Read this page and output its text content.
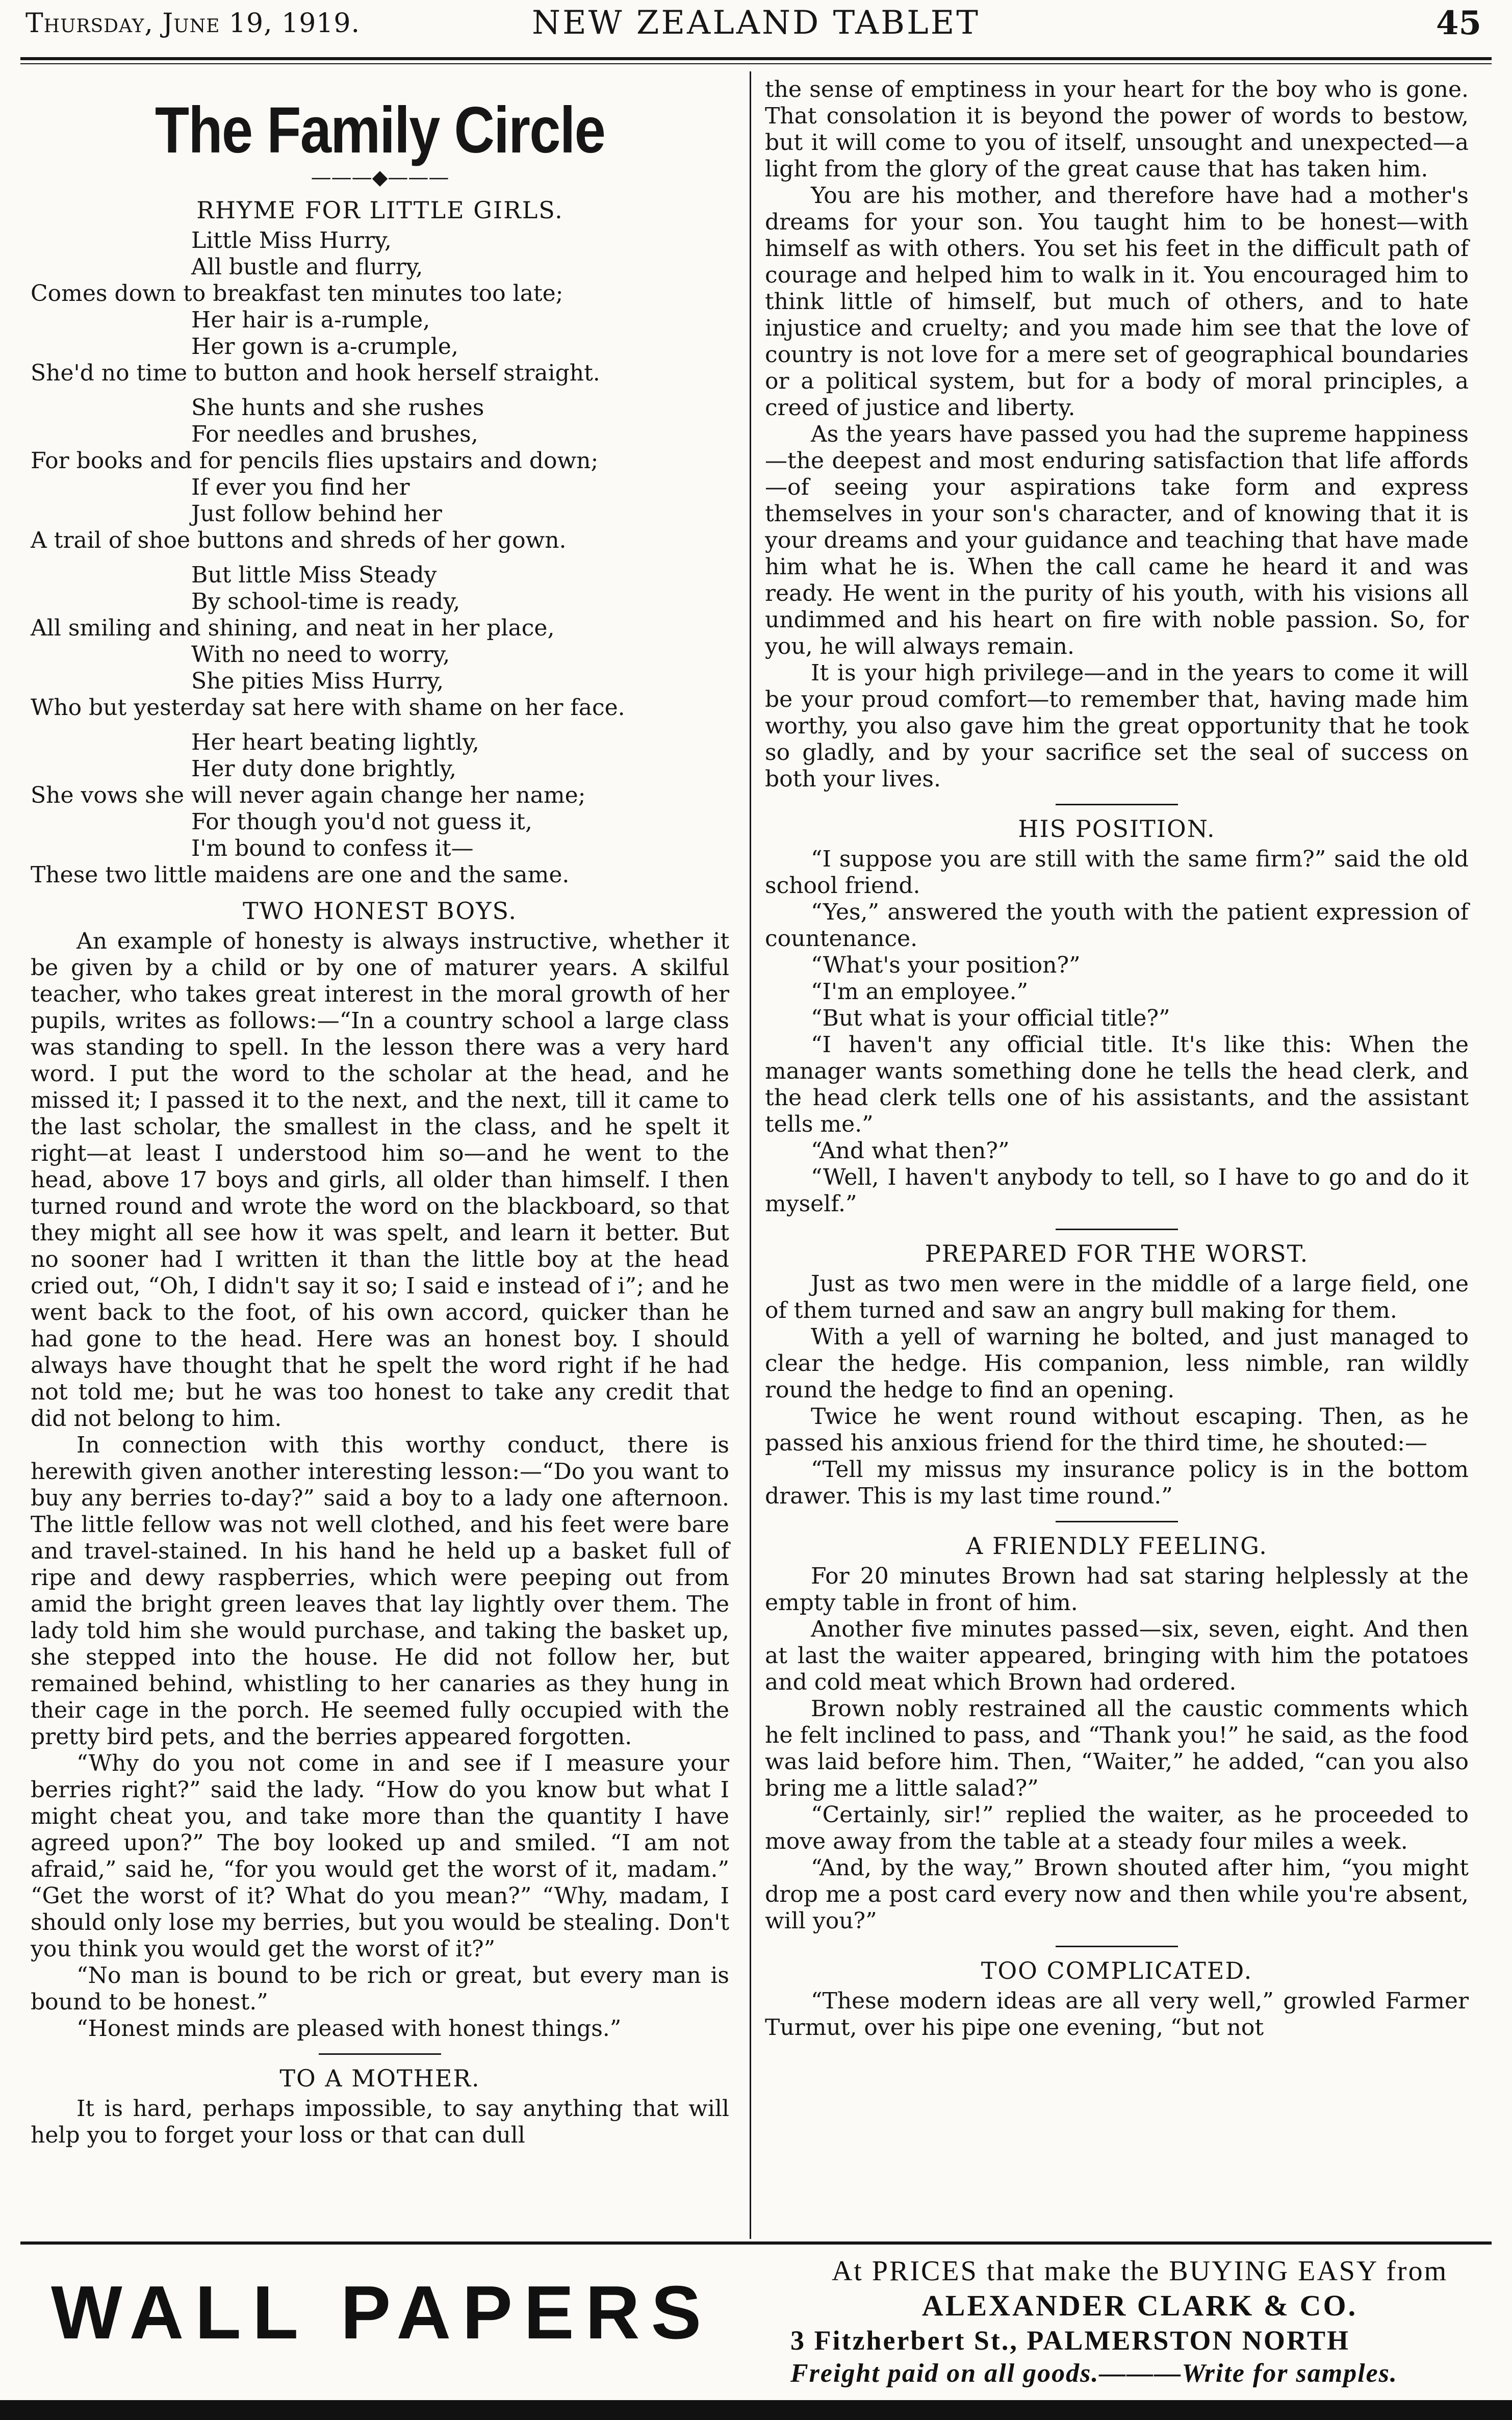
Thursday, June 19, 1919.	NEW ZEALAND TABLET	45
The Family Circle
———◆———
RHYME FOR LITTLE GIRLS.
Little Miss Hurry,
All bustle and flurry,
Comes down to breakfast ten minutes too late;
Her hair is a-rumple,
Her gown is a-crumple,
She'd no time to button and hook herself straight.
She hunts and she rushes
For needles and brushes,
For books and for pencils flies upstairs and down;
If ever you find her
Just follow behind her
A trail of shoe buttons and shreds of her gown.
But little Miss Steady
By school-time is ready,
All smiling and shining, and neat in her place,
With no need to worry,
She pities Miss Hurry,
Who but yesterday sat here with shame on her face.
Her heart beating lightly,
Her duty done brightly,
She vows she will never again change her name;
For though you'd not guess it,
I'm bound to confess it—
These two little maidens are one and the same.
TWO HONEST BOYS.

An example of honesty is always instructive, whether it be given by a child or by one of maturer years. A skilful teacher, who takes great interest in the moral growth of her pupils, writes as follows:—“In a country school a large class was standing to spell. In the lesson there was a very hard word. I put the word to the scholar at the head, and he missed it; I passed it to the next, and the next, till it came to the last scholar, the smallest in the class, and he spelt it right—at least I understood him so—and he went to the head, above 17 boys and girls, all older than himself. I then turned round and wrote the word on the blackboard, so that they might all see how it was spelt, and learn it better. But no sooner had I written it than the little boy at the head cried out, “Oh, I didn't say it so; I said e instead of i”; and he went back to the foot, of his own accord, quicker than he had gone to the head. Here was an honest boy. I should always have thought that he spelt the word right if he had not told me; but he was too honest to take any credit that did not belong to him.

In connection with this worthy conduct, there is herewith given another interesting lesson:—“Do you want to buy any berries to-day?” said a boy to a lady one afternoon. The little fellow was not well clothed, and his feet were bare and travel-stained. In his hand he held up a basket full of ripe and dewy raspberries, which were peeping out from amid the bright green leaves that lay lightly over them. The lady told him she would purchase, and taking the basket up, she stepped into the house. He did not follow her, but remained behind, whistling to her canaries as they hung in their cage in the porch. He seemed fully occupied with the pretty bird pets, and the berries appeared forgotten.

“Why do you not come in and see if I measure your berries right?” said the lady. “How do you know but what I might cheat you, and take more than the quantity I have agreed upon?” The boy looked up and smiled. “I am not afraid,” said he, “for you would get the worst of it, madam.” “Get the worst of it? What do you mean?” “Why, madam, I should only lose my berries, but you would be stealing. Don't you think you would get the worst of it?”

“No man is bound to be rich or great, but every man is bound to be honest.”

“Honest minds are pleased with honest things.”

TO A MOTHER.

It is hard, perhaps impossible, to say anything that will help you to forget your loss or that can dull

the sense of emptiness in your heart for the boy who is gone. That consolation it is beyond the power of words to bestow, but it will come to you of itself, unsought and unexpected—a light from the glory of the great cause that has taken him.

You are his mother, and therefore have had a mother's dreams for your son. You taught him to be honest—with himself as with others. You set his feet in the difficult path of courage and helped him to walk in it. You encouraged him to think little of himself, but much of others, and to hate injustice and cruelty; and you made him see that the love of country is not love for a mere set of geographical boundaries or a political system, but for a body of moral principles, a creed of justice and liberty.

As the years have passed you had the supreme happiness—the deepest and most enduring satisfaction that life affords—of seeing your aspirations take form and express themselves in your son's character, and of knowing that it is your dreams and your guidance and teaching that have made him what he is. When the call came he heard it and was ready. He went in the purity of his youth, with his visions all undimmed and his heart on fire with noble passion. So, for you, he will always remain.

It is your high privilege—and in the years to come it will be your proud comfort—to remember that, having made him worthy, you also gave him the great opportunity that he took so gladly, and by your sacrifice set the seal of success on both your lives.

HIS POSITION.

“I suppose you are still with the same firm?” said the old school friend.

“Yes,” answered the youth with the patient expression of countenance.

“What's your position?”

“I'm an employee.”

“But what is your official title?”

“I haven't any official title. It's like this: When the manager wants something done he tells the head clerk, and the head clerk tells one of his assistants, and the assistant tells me.”

“And what then?”

“Well, I haven't anybody to tell, so I have to go and do it myself.”

PREPARED FOR THE WORST.

Just as two men were in the middle of a large field, one of them turned and saw an angry bull making for them.

With a yell of warning he bolted, and just managed to clear the hedge. His companion, less nimble, ran wildly round the hedge to find an opening.

Twice he went round without escaping. Then, as he passed his anxious friend for the third time, he shouted:—

“Tell my missus my insurance policy is in the bottom drawer. This is my last time round.”

A FRIENDLY FEELING.

For 20 minutes Brown had sat staring helplessly at the empty table in front of him.

Another five minutes passed—six, seven, eight. And then at last the waiter appeared, bringing with him the potatoes and cold meat which Brown had ordered.

Brown nobly restrained all the caustic comments which he felt inclined to pass, and “Thank you!” he said, as the food was laid before him. Then, “Waiter,” he added, “can you also bring me a little salad?”

“Certainly, sir!” replied the waiter, as he proceeded to move away from the table at a steady four miles a week.

“And, by the way,” Brown shouted after him, “you might drop me a post card every now and then while you're absent, will you?”

TOO COMPLICATED.

“These modern ideas are all very well,” growled Farmer Turmut, over his pipe one evening, “but not

WALL PAPERS	At PRICES that make the BUYING EASY from
ALEXANDER CLARK & CO.
3 Fitzherbert St., PALMERSTON NORTH
Freight paid on all goods.———Write for samples.
